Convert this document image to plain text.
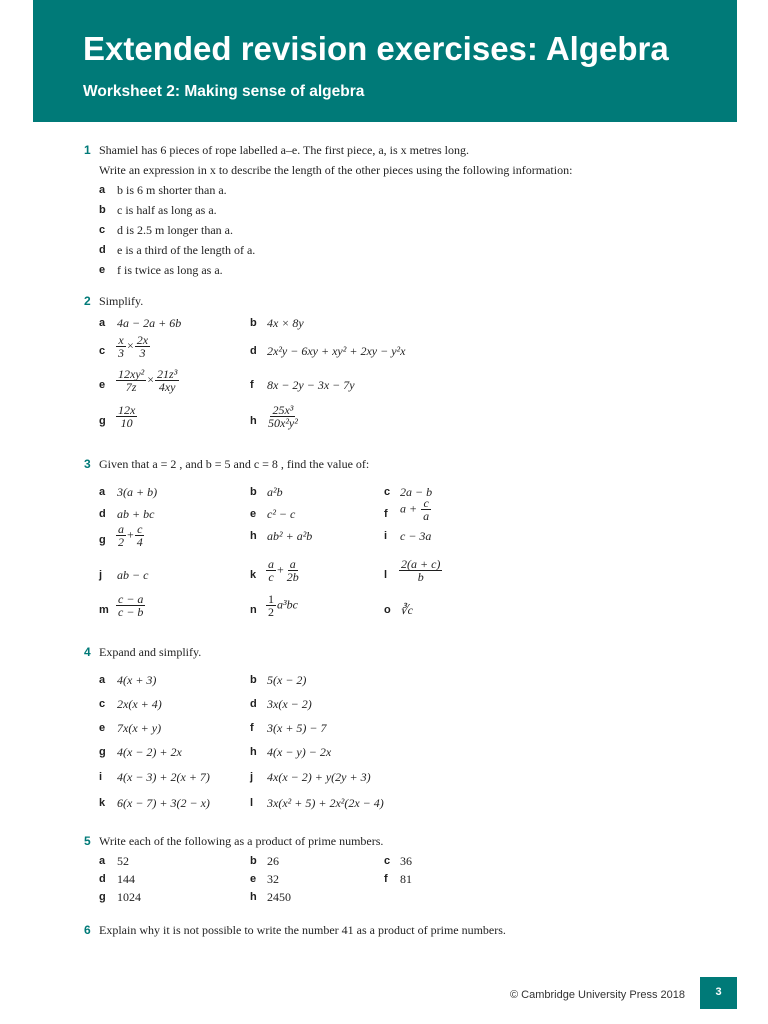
Extended revision exercises: Algebra
Worksheet 2: Making sense of algebra
1 Shamiel has 6 pieces of rope labelled a–e. The first piece, a, is x metres long.
Write an expression in x to describe the length of the other pieces using the following information:
a b is 6 m shorter than a.
b c is half as long as a.
c d is 2.5 m longer than a.
d e is a third of the length of a.
e f is twice as long as a.
2 Simplify.
a 4a − 2a + 6b	b 4x × 8y
c $\frac{x}{3} \times \frac{2x}{3}$	d 2x²y − 6xy + xy² + 2xy − y²x
e $\frac{\text{12xy²}}{7z} \times \frac{\text{21z³}}{4xy}$	f 8x − 2y − 3x − 7y
g $\frac{12x}{10}$	h $\frac{\text{25x³}}{\text{50x²y²}}$
3 Given that a = 2 , and b = 5 and c = 8 , find the value of:
a 3(a + b)	b a²b	c 2a − b
d ab + bc	e c² − c	f $a + \frac{c}{a}$
g $\frac{a}{2} + \frac{c}{4}$	h ab² + a²b	i c − 3a
j ab − c	k $\frac{a}{c} + \frac{a}{2b}$	l $\frac{2(a + c)}{b}$
m $\frac{c - a}{c - b}$	n $\frac{1}{2} a^3bc$	o ∛c
4 Expand and simplify.
a 4(x + 3)	b 5(x − 2)
c 2x(x + 4)	d 3x(x − 2)
e 7x(x + y)	f 3(x + 5) − 7
g 4(x − 2) + 2x	h 4(x − y) − 2x
i 4(x − 3) + 2(x + 7)	j 4x(x − 2) + y(2y + 3)
k 6(x − 7) + 3(2 − x)	l 3x(x² + 5) + 2x²(2x − 4)
5 Write each of the following as a product of prime numbers.
a 52	b 26	c 36
d 144	e 32	f 81
g 1024	h 2450
6 Explain why it is not possible to write the number 41 as a product of prime numbers.
© Cambridge University Press 2018	3
